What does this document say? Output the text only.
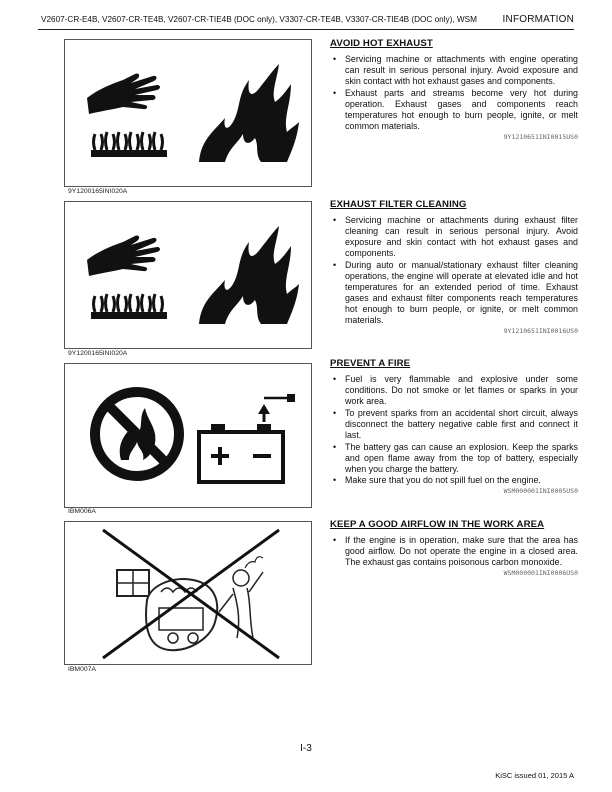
V2607-CR-E4B, V2607-CR-TE4B, V2607-CR-TIE4B (DOC only), V3307-CR-TE4B, V3307-CR-TIE4B (DOC only), WSM	INFORMATION
9Y1200165INI020A
9Y1200165INI020A
IBM006A
IBM007A
AVOID HOT EXHAUST
• Servicing machine or attachments with engine operating can result in serious personal injury. Avoid exposure and skin contact with hot exhaust gases and components.
• Exhaust parts and streams become very hot during operation. Exhaust gases and components reach temperatures hot enough to burn people, ignite, or melt common materials.
9Y1210651INI0015US0
EXHAUST FILTER CLEANING
• Servicing machine or attachments during exhaust filter cleaning can result in serious personal injury. Avoid exposure and skin contact with hot exhaust gases and components.
• During auto or manual/stationary exhaust filter cleaning operations, the engine will operate at elevated idle and hot temperatures for an extended period of time. Exhaust gases and exhaust filter components reach temperatures hot enough to burn people, or ignite, or melt common materials.
9Y1210651INI0016US0
PREVENT A FIRE
• Fuel is very flammable and explosive under some conditions. Do not smoke or let flames or sparks in your work area.
• To prevent sparks from an accidental short circuit, always disconnect the battery negative cable first and connect it last.
• The battery gas can cause an explosion. Keep the sparks and open flame away from the top of battery, especially when you charge the battery.
• Make sure that you do not spill fuel on the engine.
WSM000001INI0005US0
KEEP A GOOD AIRFLOW IN THE WORK AREA
• If the engine is in operation, make sure that the area has good airflow. Do not operate the engine in a closed area. The exhaust gas contains poisonous carbon monoxide.
WSM000001INI0006US0
I-3
KiSC issued 01, 2015 A
